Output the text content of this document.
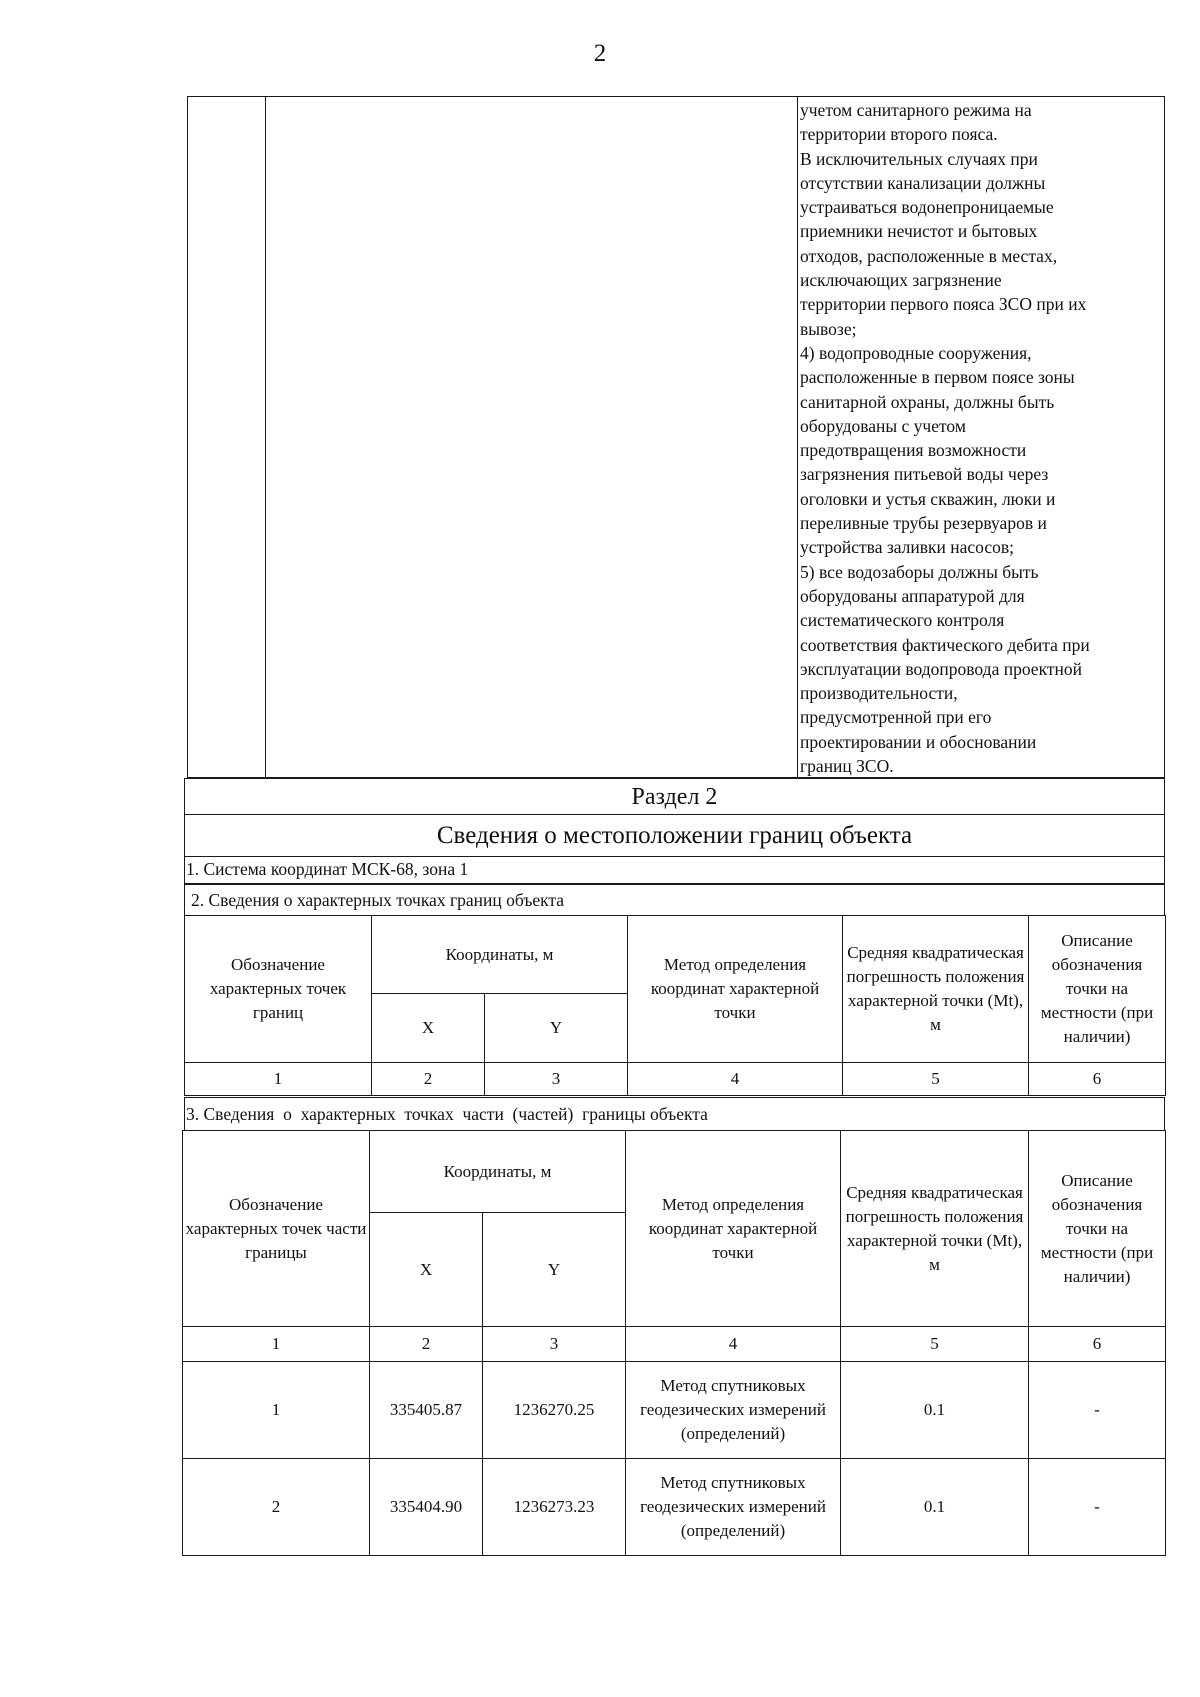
2
учетом санитарного режима на
территории второго пояса.
В исключительных случаях при
отсутствии канализации должны
устраиваться водонепроницаемые
приемники нечистот и бытовых
отходов, расположенные в местах,
исключающих загрязнение
территории первого пояса ЗСО при их
вывозе;
4) водопроводные сооружения,
расположенные в первом поясе зоны
санитарной охраны, должны быть
оборудованы с учетом
предотвращения возможности
загрязнения питьевой воды через
оголовки и устья скважин, люки и
переливные трубы резервуаров и
устройства заливки насосов;
5) все водозаборы должны быть
оборудованы аппаратурой для
систематического контроля
соответствия фактического дебита при
эксплуатации водопровода проектной
производительности,
предусмотренной при его
проектировании и обосновании
границ ЗСО.
Раздел 2
Сведения о местоположении границ объекта
1. Система координат МСК-68, зона 1
2. Сведения о характерных точках границ объекта
Обозначение характерных точек границ	Координаты, м		Метод определения координат характерной точки	Средняя квадратическая погрешность положения характерной точки (Mt), м	Описание обозначения точки на местности (при наличии)
	X	Y			
1	2	3	4	5	6
3. Сведения  о  характерных  точках  части  (частей)  границы объекта
Обозначение характерных точек части границы	Координаты, м		Метод определения координат характерной точки	Средняя квадратическая погрешность положения характерной точки (Mt), м	Описание обозначения точки на местности (при наличии)
	X	Y			
1	2	3	4	5	6
1	335405.87	1236270.25	Метод спутниковых геодезических измерений (определений)	0.1	-
2	335404.90	1236273.23	Метод спутниковых геодезических измерений (определений)	0.1	-
